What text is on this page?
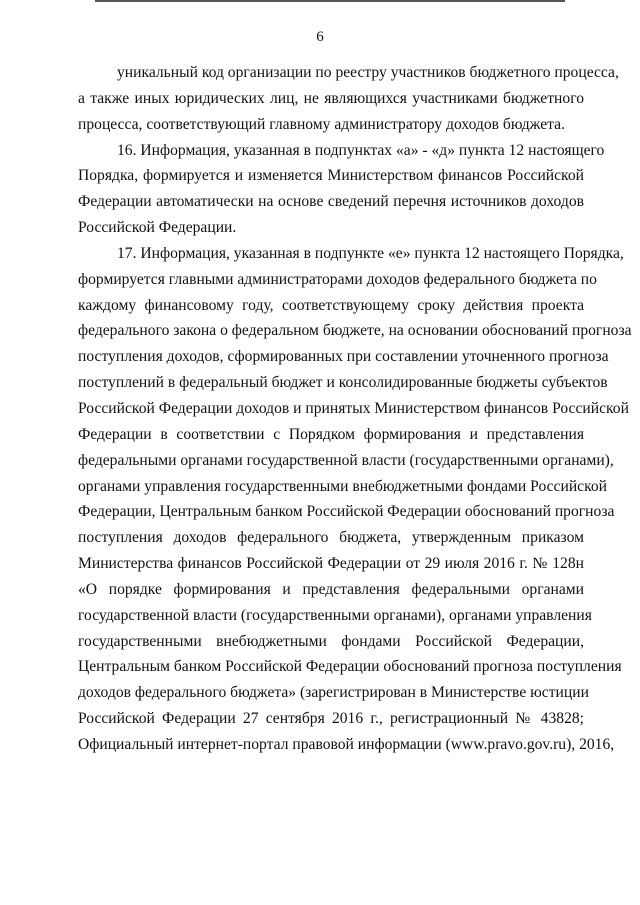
6
уникальный код организации по реестру участников бюджетного процесса,
а также иных юридических лиц, не являющихся участниками бюджетного
процесса, соответствующий главному администратору доходов бюджета.
16. Информация, указанная в подпунктах «а» - «д» пункта 12 настоящего
Порядка, формируется и изменяется Министерством финансов Российской
Федерации автоматически на основе сведений перечня источников доходов
Российской Федерации.
17. Информация, указанная в подпункте «е» пункта 12 настоящего Порядка,
формируется главными администраторами доходов федерального бюджета по
каждому финансовому году, соответствующему сроку действия проекта
федерального закона о федеральном бюджете, на основании обоснований прогноза
поступления доходов, сформированных при составлении уточненного прогноза
поступлений в федеральный бюджет и консолидированные бюджеты субъектов
Российской Федерации доходов и принятых Министерством финансов Российской
Федерации в соответствии с Порядком формирования и представления
федеральными органами государственной власти (государственными органами),
органами управления государственными внебюджетными фондами Российской
Федерации, Центральным банком Российской Федерации обоснований прогноза
поступления доходов федерального бюджета, утвержденным приказом
Министерства финансов Российской Федерации от 29 июля 2016 г. № 128н
«О порядке формирования и представления федеральными органами
государственной власти (государственными органами), органами управления
государственными внебюджетными фондами Российской Федерации,
Центральным банком Российской Федерации обоснований прогноза поступления
доходов федерального бюджета» (зарегистрирован в Министерстве юстиции
Российской Федерации 27 сентября 2016 г., регистрационный № 43828;
Официальный интернет-портал правовой информации (www.pravo.gov.ru), 2016,
